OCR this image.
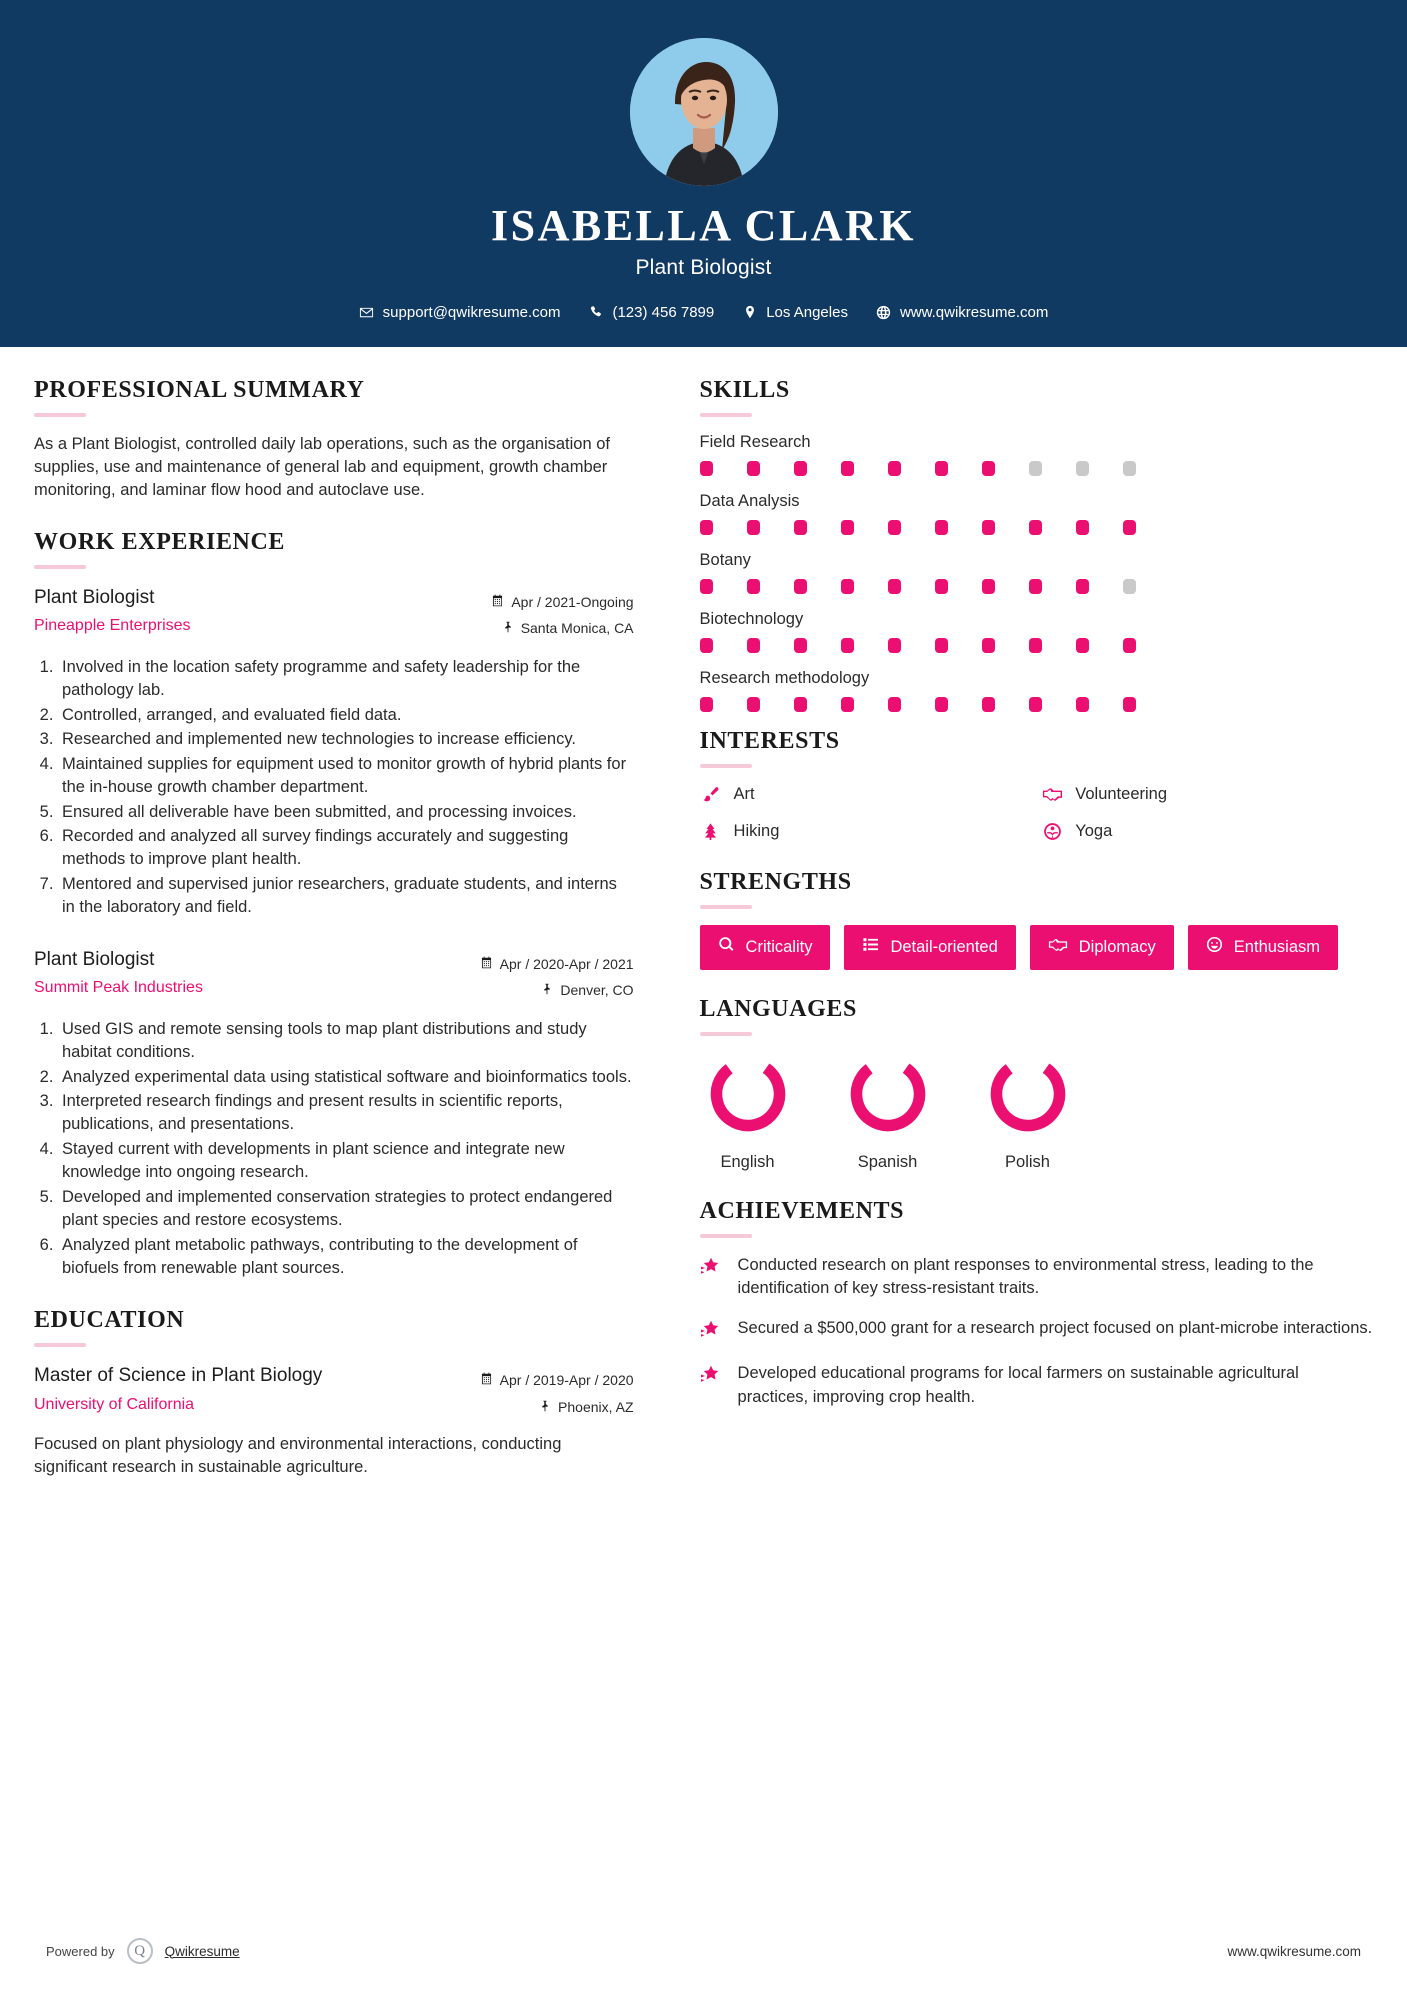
ISABELLA CLARK
Plant Biologist
support@qwikresume.com	(123) 456 7899	Los Angeles	www.qwikresume.com
PROFESSIONAL SUMMARY
As a Plant Biologist, controlled daily lab operations, such as the organisation of supplies, use and maintenance of general lab and equipment, growth chamber monitoring, and laminar flow hood and autoclave use.
WORK EXPERIENCE
Plant Biologist
Pineapple Enterprises
Apr / 2021-Ongoing
Santa Monica, CA
1. Involved in the location safety programme and safety leadership for the pathology lab.
2. Controlled, arranged, and evaluated field data.
3. Researched and implemented new technologies to increase efficiency.
4. Maintained supplies for equipment used to monitor growth of hybrid plants for the in-house growth chamber department.
5. Ensured all deliverable have been submitted, and processing invoices.
6. Recorded and analyzed all survey findings accurately and suggesting methods to improve plant health.
7. Mentored and supervised junior researchers, graduate students, and interns in the laboratory and field.
Plant Biologist
Summit Peak Industries
Apr / 2020-Apr / 2021
Denver, CO
1. Used GIS and remote sensing tools to map plant distributions and study habitat conditions.
2. Analyzed experimental data using statistical software and bioinformatics tools.
3. Interpreted research findings and present results in scientific reports, publications, and presentations.
4. Stayed current with developments in plant science and integrate new knowledge into ongoing research.
5. Developed and implemented conservation strategies to protect endangered plant species and restore ecosystems.
6. Analyzed plant metabolic pathways, contributing to the development of biofuels from renewable plant sources.
EDUCATION
Master of Science in Plant Biology
University of California
Apr / 2019-Apr / 2020
Phoenix, AZ
Focused on plant physiology and environmental interactions, conducting significant research in sustainable agriculture.
SKILLS
Field Research
Data Analysis
Botany
Biotechnology
Research methodology
INTERESTS
Art	Volunteering
Hiking	Yoga
STRENGTHS
Criticality	Detail-oriented	Diplomacy	Enthusiasm
LANGUAGES
English	Spanish	Polish
ACHIEVEMENTS
Conducted research on plant responses to environmental stress, leading to the identification of key stress-resistant traits.
Secured a $500,000 grant for a research project focused on plant-microbe interactions.
Developed educational programs for local farmers on sustainable agricultural practices, improving crop health.
Powered by	Q	Qwikresume	www.qwikresume.com
